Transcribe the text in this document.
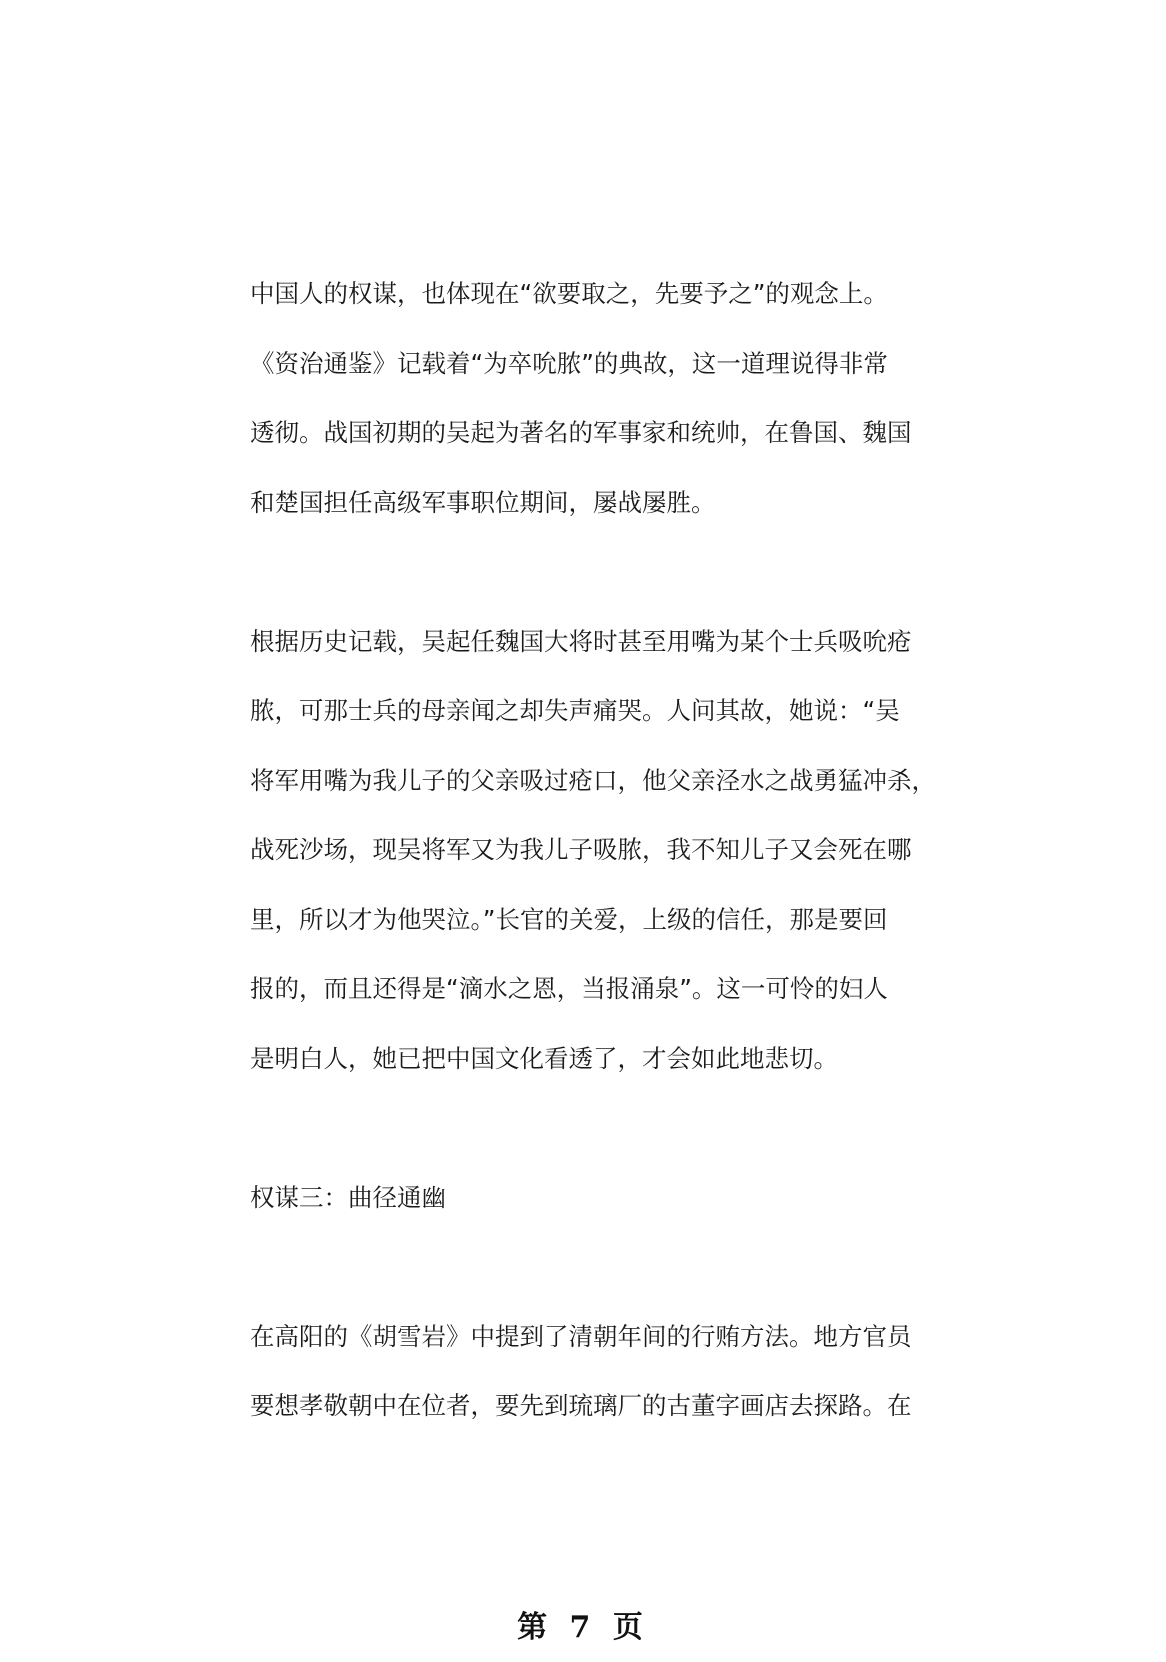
中国人的权谋，也体现在“欲要取之，先要予之”的观念上。
《资治通鉴》记载着“为卒吮脓”的典故，这一道理说得非常
透彻。战国初期的吴起为著名的军事家和统帅，在鲁国、魏国
和楚国担任高级军事职位期间，屡战屡胜。
根据历史记载，吴起任魏国大将时甚至用嘴为某个士兵吸吮疮
脓，可那士兵的母亲闻之却失声痛哭。人问其故，她说：“吴
将军用嘴为我儿子的父亲吸过疮口，他父亲泾水之战勇猛冲杀，
战死沙场，现吴将军又为我儿子吸脓，我不知儿子又会死在哪
里，所以才为他哭泣。”长官的关爱，上级的信任，那是要回
报的，而且还得是“滴水之恩，当报涌泉”。这一可怜的妇人
是明白人，她已把中国文化看透了，才会如此地悲切。
权谋三：曲径通幽
在高阳的《胡雪岩》中提到了清朝年间的行贿方法。地方官员
要想孝敬朝中在位者，要先到琉璃厂的古董字画店去探路。在
第 7 页
